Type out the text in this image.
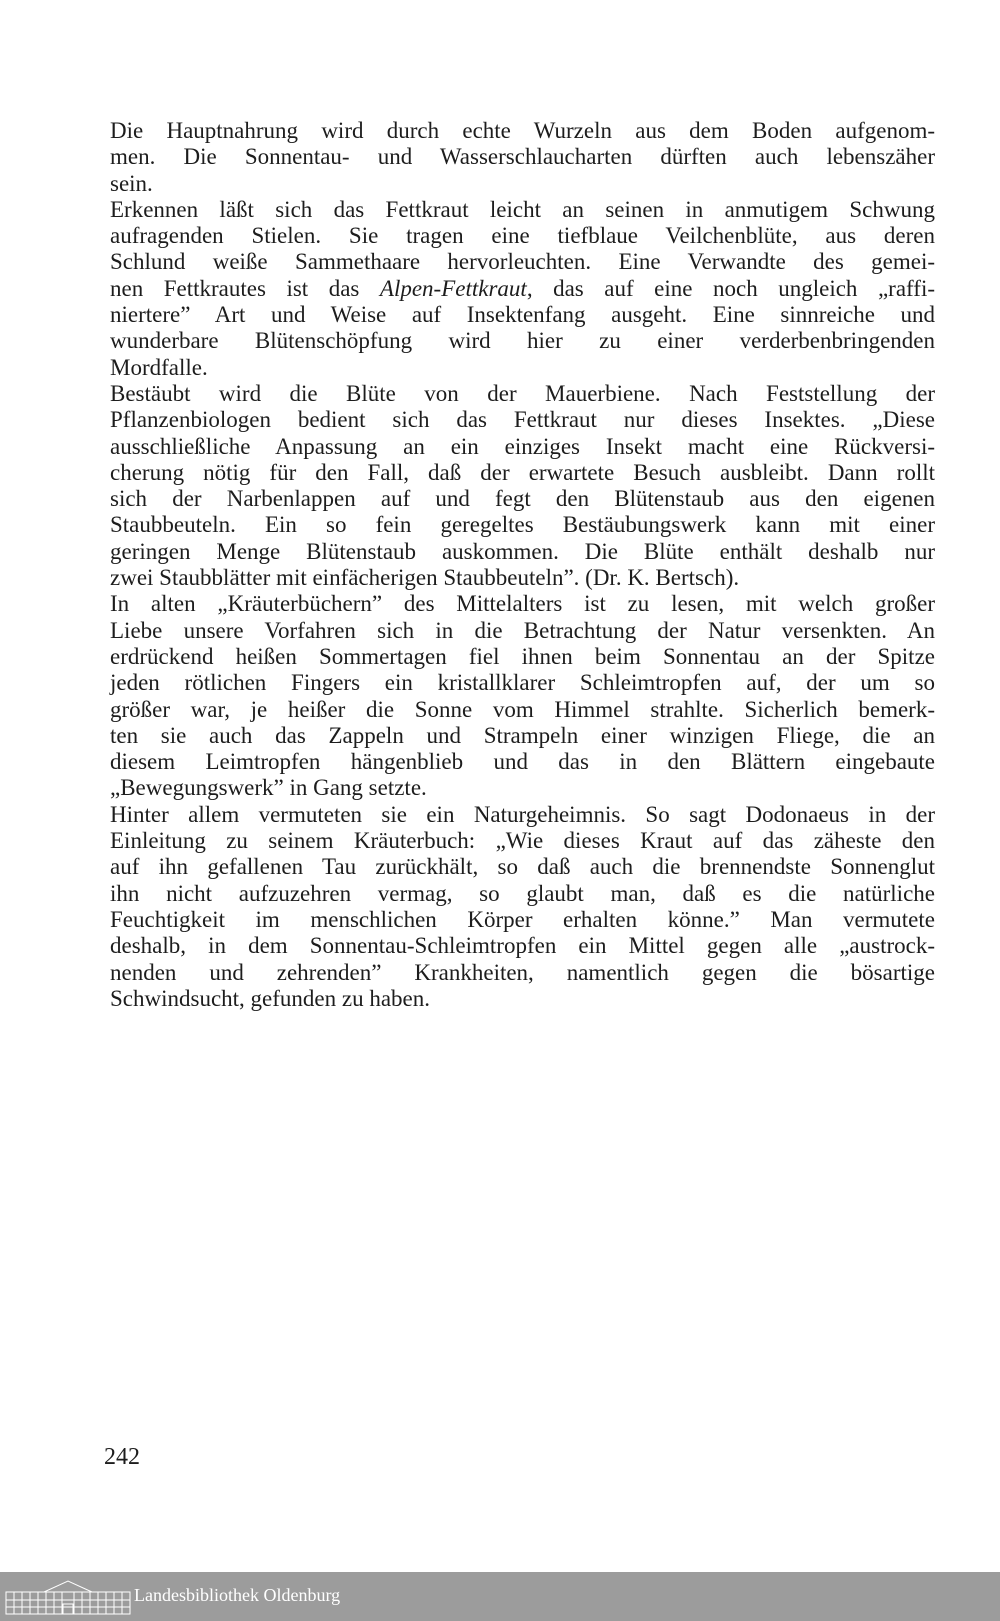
Die Hauptnahrung wird durch echte Wurzeln aus dem Boden aufgenom-
men. Die Sonnentau- und Wasserschlaucharten dürften auch lebenszäher
sein.

Erkennen läßt sich das Fettkraut leicht an seinen in anmutigem Schwung
aufragenden Stielen. Sie tragen eine tiefblaue Veilchenblüte, aus deren
Schlund weiße Sammethaare hervorleuchten. Eine Verwandte des gemei-
nen Fettkrautes ist das Alpen-Fettkraut, das auf eine noch ungleich „raffi-
niertere” Art und Weise auf Insektenfang ausgeht. Eine sinnreiche und
wunderbare Blütenschöpfung wird hier zu einer verderbenbringenden
Mordfalle.

Bestäubt wird die Blüte von der Mauerbiene. Nach Feststellung der
Pflanzenbiologen bedient sich das Fettkraut nur dieses Insektes. „Diese
ausschließliche Anpassung an ein einziges Insekt macht eine Rückversi-
cherung nötig für den Fall, daß der erwartete Besuch ausbleibt. Dann rollt
sich der Narbenlappen auf und fegt den Blütenstaub aus den eigenen
Staubbeuteln. Ein so fein geregeltes Bestäubungswerk kann mit einer
geringen Menge Blütenstaub auskommen. Die Blüte enthält deshalb nur
zwei Staubblätter mit einfächerigen Staubbeuteln”. (Dr. K. Bertsch).

In alten „Kräuterbüchern” des Mittelalters ist zu lesen, mit welch großer
Liebe unsere Vorfahren sich in die Betrachtung der Natur versenkten. An
erdrückend heißen Sommertagen fiel ihnen beim Sonnentau an der Spitze
jeden rötlichen Fingers ein kristallklarer Schleimtropfen auf, der um so
größer war, je heißer die Sonne vom Himmel strahlte. Sicherlich bemerk-
ten sie auch das Zappeln und Strampeln einer winzigen Fliege, die an
diesem Leimtropfen hängenblieb und das in den Blättern eingebaute
„Bewegungswerk” in Gang setzte.

Hinter allem vermuteten sie ein Naturgeheimnis. So sagt Dodonaeus in der
Einleitung zu seinem Kräuterbuch: „Wie dieses Kraut auf das zäheste den
auf ihn gefallenen Tau zurückhält, so daß auch die brennendste Sonnenglut
ihn nicht aufzuzehren vermag, so glaubt man, daß es die natürliche
Feuchtigkeit im menschlichen Körper erhalten könne.” Man vermutete
deshalb, in dem Sonnentau-Schleimtropfen ein Mittel gegen alle „austrock-
nenden und zehrenden” Krankheiten, namentlich gegen die bösartige
Schwindsucht, gefunden zu haben.

242
Landesbibliothek Oldenburg
